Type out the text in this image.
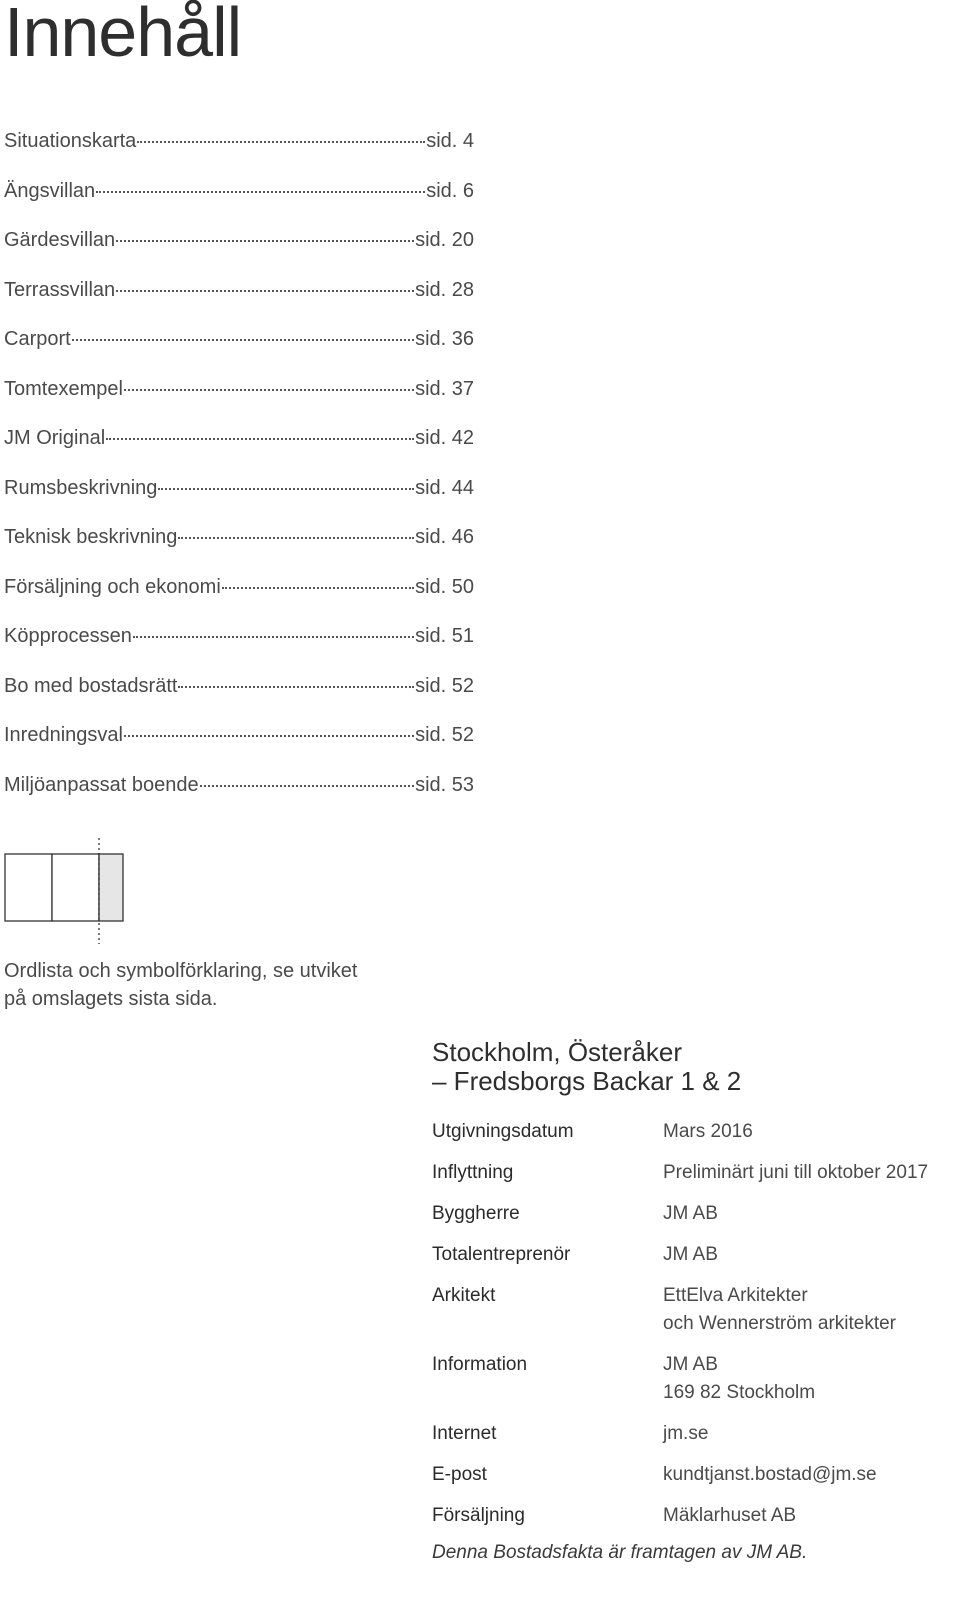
Innehåll
Situationskarta	sid. 4
Ängsvillan	sid. 6
Gärdesvillan	sid. 20
Terrassvillan	sid. 28
Carport	sid. 36
Tomtexempel	sid. 37
JM Original	sid. 42
Rumsbeskrivning	sid. 44
Teknisk beskrivning	sid. 46
Försäljning och ekonomi	sid. 50
Köpprocessen	sid. 51
Bo med bostadsrätt	sid. 52
Inredningsval	sid. 52
Miljöanpassat boende	sid. 53
Ordlista och symbolförklaring, se utviket
på omslagets sista sida.
Stockholm, Österåker
– Fredsborgs Backar 1 & 2
Utgivningsdatum	Mars 2016
Inflyttning	Preliminärt juni till oktober 2017
Byggherre	JM AB
Totalentreprenör	JM AB
Arkitekt	EttElva Arkitekter
och Wennerström arkitekter
Information	JM AB
169 82 Stockholm
Internet	jm.se
E-post	kundtjanst.bostad@jm.se
Försäljning	Mäklarhuset AB
Denna Bostadsfakta är framtagen av JM AB.
